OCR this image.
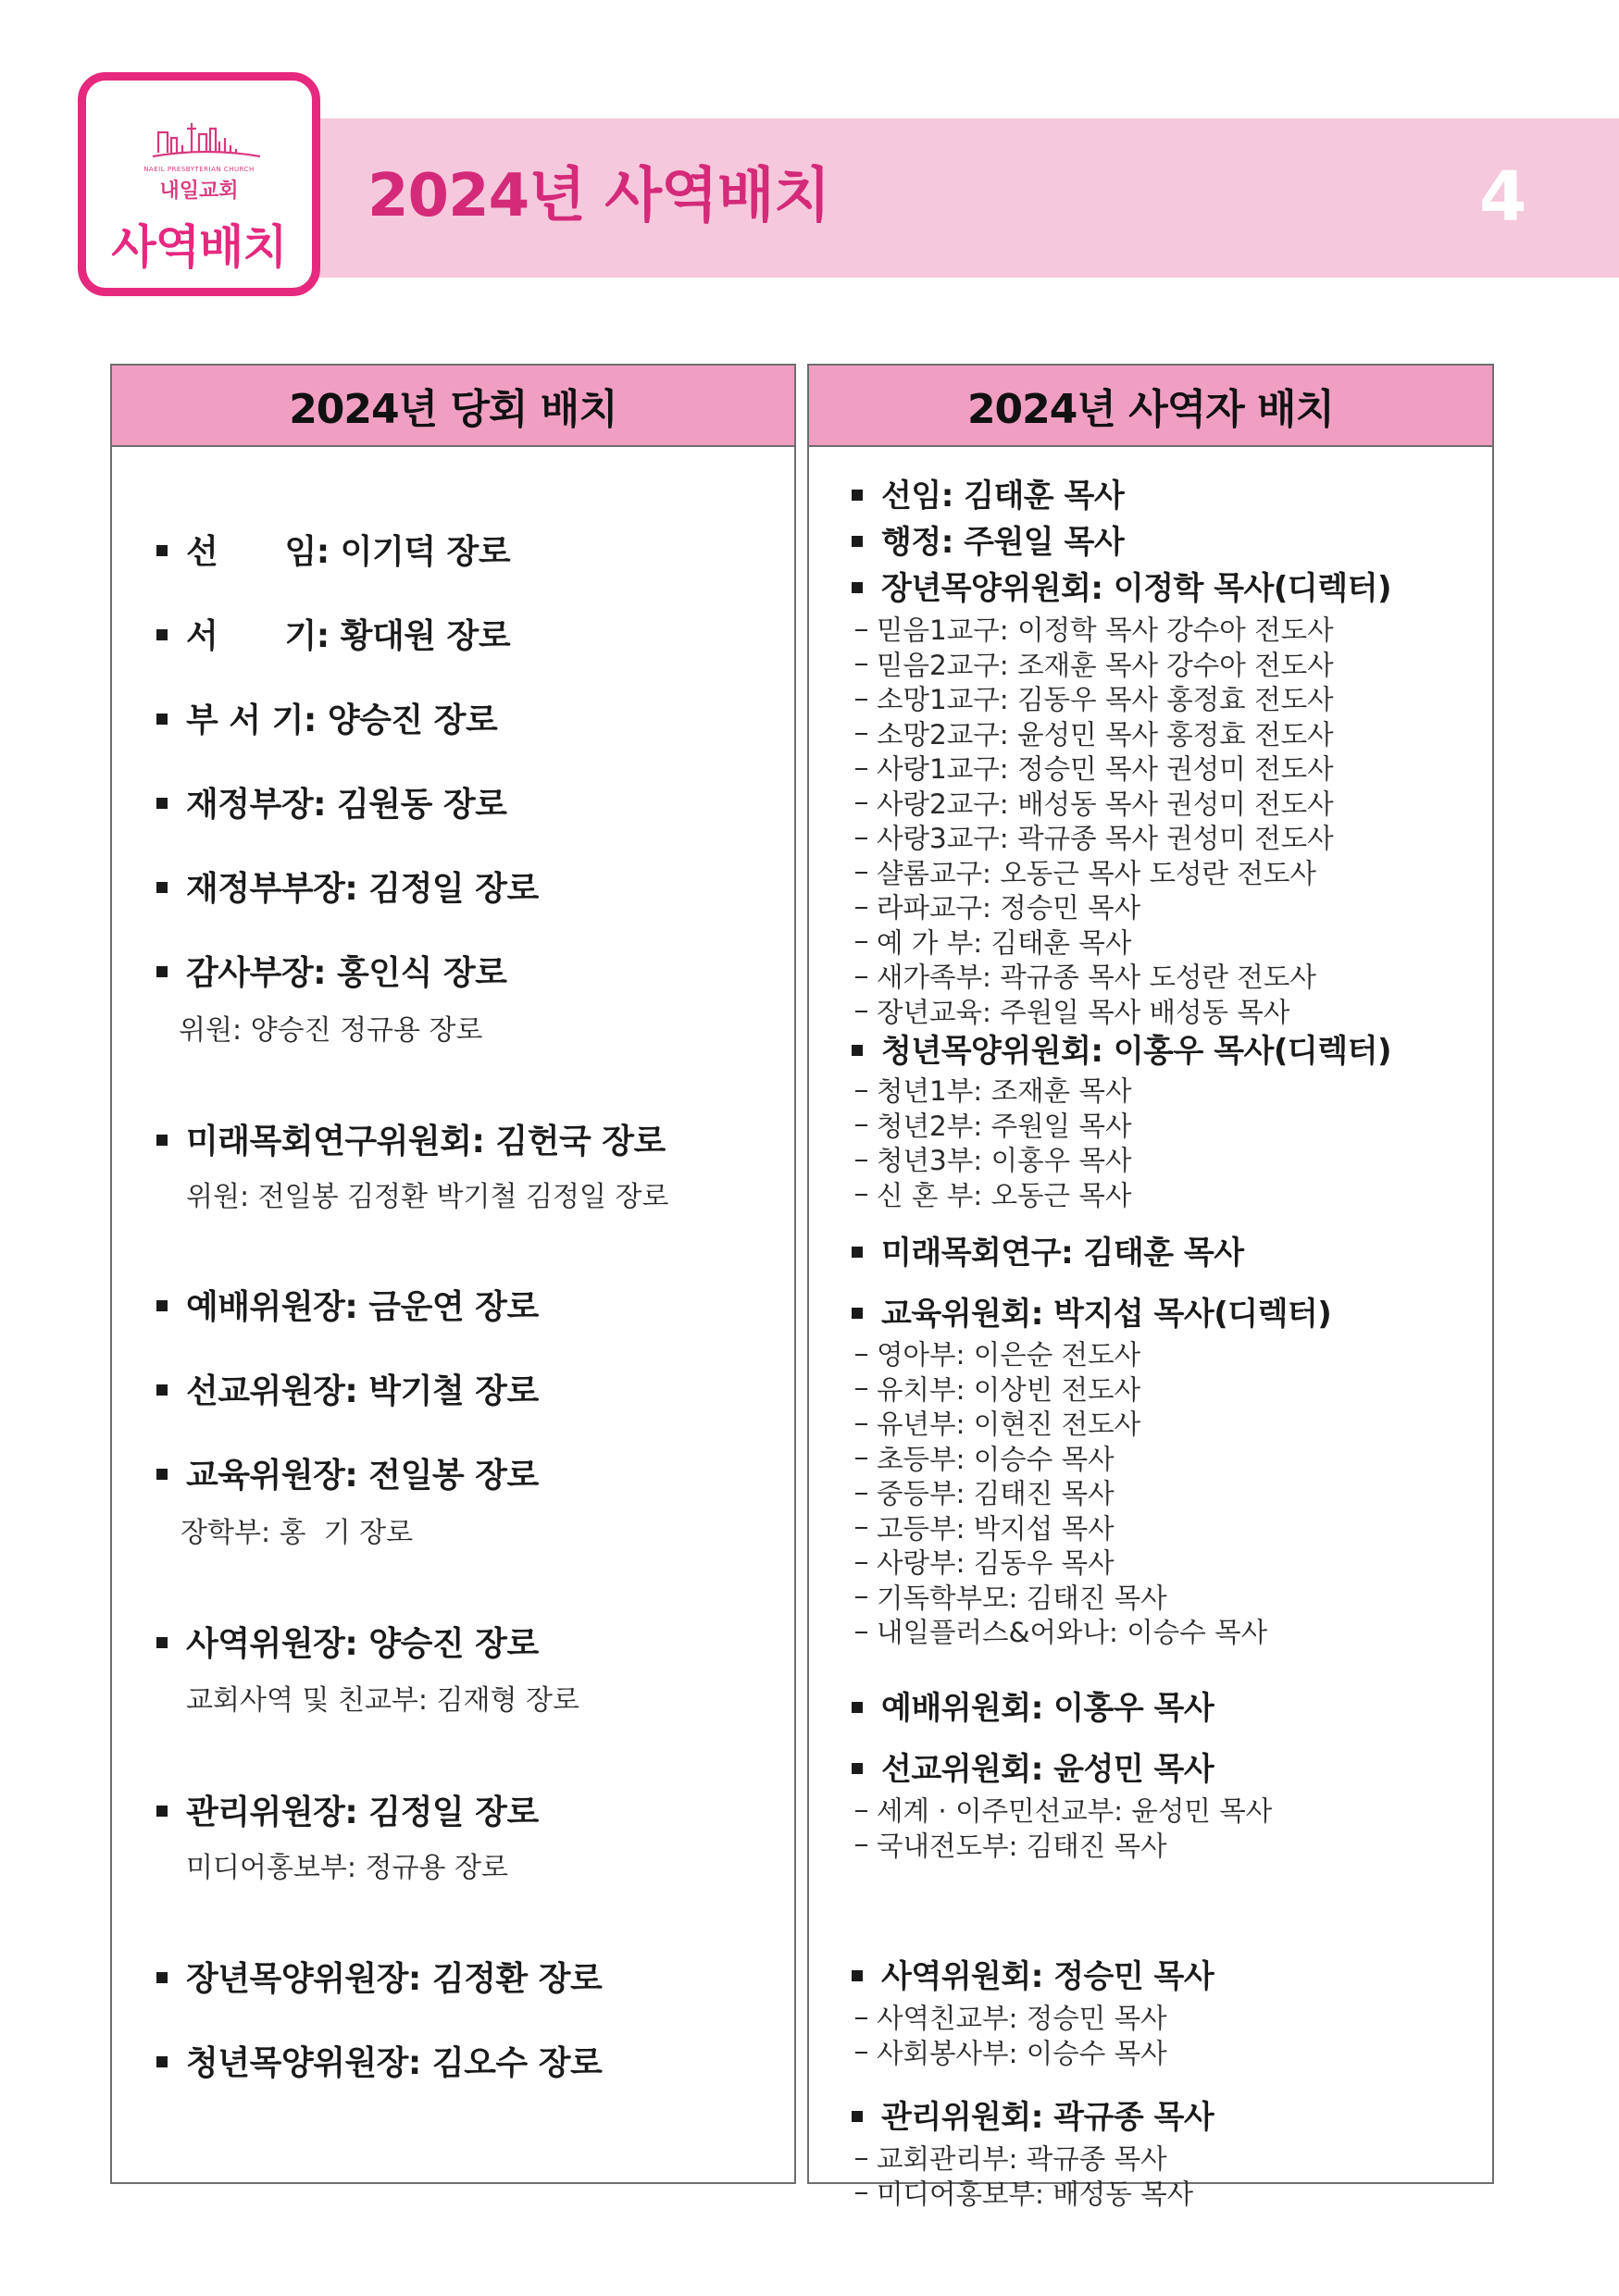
NAEIL PRESBYTERIAN CHURCH
내일교회
사역배치
2024년 사역배치	4
2024년 당회 배치
선      임: 이기덕 장로
서      기: 황대원 장로
부 서 기: 양승진 장로
재정부장: 김원동 장로
재정부부장: 김정일 장로
감사부장: 홍인식 장로
위원: 양승진 정규용 장로
미래목회연구위원회: 김헌국 장로
위원: 전일봉 김정환 박기철 김정일 장로
예배위원장: 금운연 장로
선교위원장: 박기철 장로
교육위원장: 전일봉 장로
장학부: 홍  기 장로
사역위원장: 양승진 장로
교회사역 및 친교부: 김재형 장로
관리위원장: 김정일 장로
미디어홍보부: 정규용 장로
장년목양위원장: 김정환 장로
청년목양위원장: 김오수 장로
2024년 사역자 배치
선임: 김태훈 목사
행정: 주원일 목사
장년목양위원회: 이정학 목사(디렉터)
믿음1교구: 이정학 목사 강수아 전도사
믿음2교구: 조재훈 목사 강수아 전도사
소망1교구: 김동우 목사 홍정효 전도사
소망2교구: 윤성민 목사 홍정효 전도사
사랑1교구: 정승민 목사 권성미 전도사
사랑2교구: 배성동 목사 권성미 전도사
사랑3교구: 곽규종 목사 권성미 전도사
샬롬교구: 오동근 목사 도성란 전도사
라파교구: 정승민 목사
예 가 부: 김태훈 목사
새가족부: 곽규종 목사 도성란 전도사
장년교육: 주원일 목사 배성동 목사
청년목양위원회: 이홍우 목사(디렉터)
청년1부: 조재훈 목사
청년2부: 주원일 목사
청년3부: 이홍우 목사
신 혼 부: 오동근 목사
미래목회연구: 김태훈 목사
교육위원회: 박지섭 목사(디렉터)
영아부: 이은순 전도사
유치부: 이상빈 전도사
유년부: 이현진 전도사
초등부: 이승수 목사
중등부: 김태진 목사
고등부: 박지섭 목사
사랑부: 김동우 목사
기독학부모: 김태진 목사
내일플러스&어와나: 이승수 목사
예배위원회: 이홍우 목사
선교위원회: 윤성민 목사
세계 · 이주민선교부: 윤성민 목사
국내전도부: 김태진 목사
사역위원회: 정승민 목사
사역친교부: 정승민 목사
사회봉사부: 이승수 목사
관리위원회: 곽규종 목사
교회관리부: 곽규종 목사
미디어홍보부: 배성동 목사
